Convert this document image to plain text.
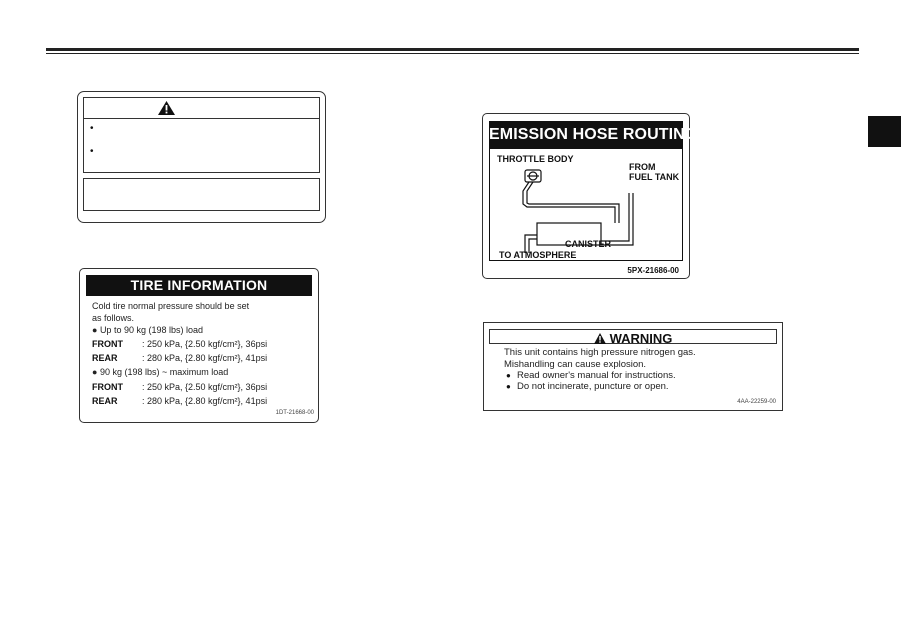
•
•
TIRE INFORMATION
Cold tire normal pressure should be set
as follows.
● Up to 90 kg (198 lbs) load
FRONT : 250 kPa, {2.50 kgf/cm²}, 36psi
REAR	: 280 kPa, {2.80 kgf/cm²}, 41psi
● 90 kg (198 lbs) ~ maximum load
FRONT : 250 kPa, {2.50 kgf/cm²}, 36psi
REAR	: 280 kPa, {2.80 kgf/cm²}, 41psi
1DT-21668-00
EMISSION HOSE ROUTING
THROTTLE BODY
FROM
FUEL TANK
CANISTER
TO ATMOSPHERE
5PX-21686-00
WARNING
This unit contains high pressure nitrogen gas.
Mishandling can cause explosion.
● Read owner's manual for instructions.
● Do not incinerate, puncture or open.
4AA-22259-00
